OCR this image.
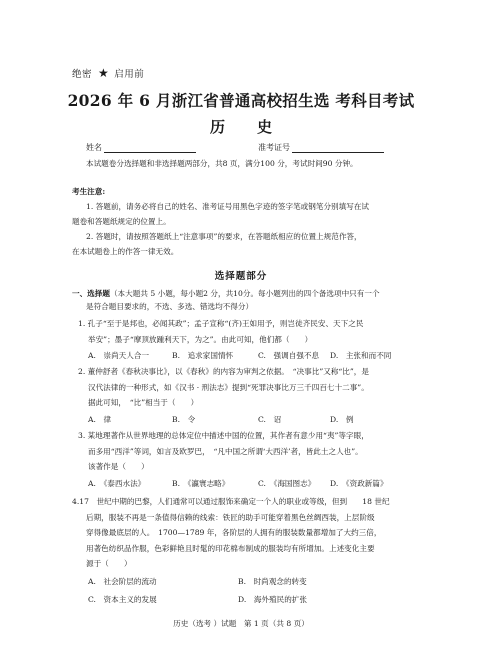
绝密 ★ 启用前
2026 年 6 月浙江省普通高校招生选 考科目考试
历 史
姓名	准考证号
本试题卷分选择题和非选择题两部分，共8 页，满分100 分，考试时间90 分钟。
考生注意:
1. 答题前，请务必将自己的姓名、准考证号用黑色字迹的签字笔或钢笔分别填写在试
题卷和答题纸规定的位置上。
2. 答题时，请按照答题纸上“注意事项”的要求，在答题纸相应的位置上规范作答，
在本试题卷上的作答一律无效。
选择题部分
一、选择题（本大题共 5 小题，每小题2 分，共10分。每小题列出的四个备选项中只有一个
是符合题目要求的，不选、多选、错选均不得分）
1. 孔子“至于是邦也，必闻其政”；孟子宣称“(齐)王如用予，则岂徒齐民安、天下之民
举安”；墨子“摩顶放踵利天下，为之”。由此可知，他们都（　　）
A.　崇尚天人合一	B.　追求家国情怀	C.　强调自强不息 D.　主张和而不同
2. 董仲舒者《春秋决事比》，以《春秋》的内容为审判之依据。　“决事比”又称“比”，是
汉代法律的一种形式，如《汉书 · 刑法志》提到“死罪决事比万三千四百七十二事”。
据此可知，　“比”相当于（　　）
A.　律	B.　令	C.　诏	D.　例
3. 某地理著作从世界地理的总体定位中描述中国的位置，其作者有意少用“夷”等字眼，
而多用“西洋”等词，如言及欧罗巴，　“凡中国之所谓‘大西洋’者，皆此土之人也”。
该著作是（　　）
A.　《泰西水法》	B.　《瀛寰志略》	C.　《海国图志》 D.　《资政新篇》
4.17　世纪中期的巴黎，人们通常可以通过服饰来确定一个人的职业或等级，但到　　18 世纪
后期，服装不再是一条值得信赖的线索：铁匠的助手可能穿着黑色丝绸西装，上层阶级
穿得像最底层的人。　1700—1789 年，各阶层的人拥有的服装数量都增加了大约三倍，
用著色纺织品作服，色彩鲜艳且时髦的印花棉布制成的服装均有所增加。上述变化主要
源于（　　）
A.　社会阶层的流动	B.　时尚观念的转变
C.　资本主义的发展	D.　海外殖民的扩张
历史（选考 ）试题　第 1 页（共 8 页）
